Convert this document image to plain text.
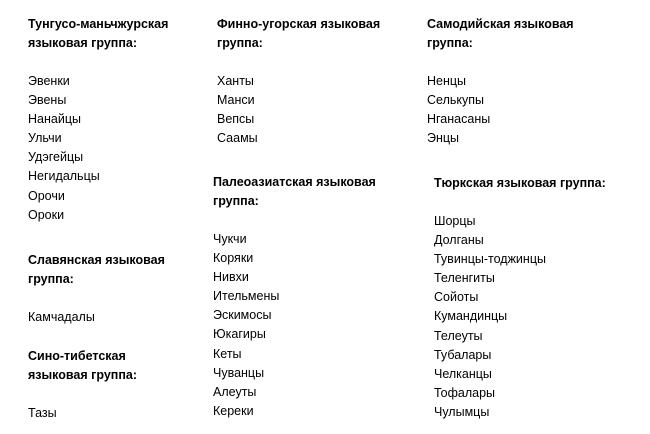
Тунгусо-маньчжурская
языковая группа:
Эвенки
Эвены
Нанайцы
Ульчи
Удэгейцы
Негидальцы
Орочи
Ороки
Славянская языковая
группа:
Камчадалы
Сино-тибетская
языковая группа:
Тазы
Финно-угорская языковая
группа:
Ханты
Манси
Вепсы
Саамы
Палеоазиатская языковая
группа:
Чукчи
Коряки
Нивхи
Ительмены
Эскимосы
Юкагиры
Кеты
Чуванцы
Алеуты
Кереки
Самодийская языковая
группа:
Ненцы
Селькупы
Нганасаны
Энцы
Тюркская языковая группа:
Шорцы
Долганы
Тувинцы-тоджинцы
Теленгиты
Сойоты
Кумандинцы
Телеуты
Тубалары
Челканцы
Тофалары
Чулымцы
